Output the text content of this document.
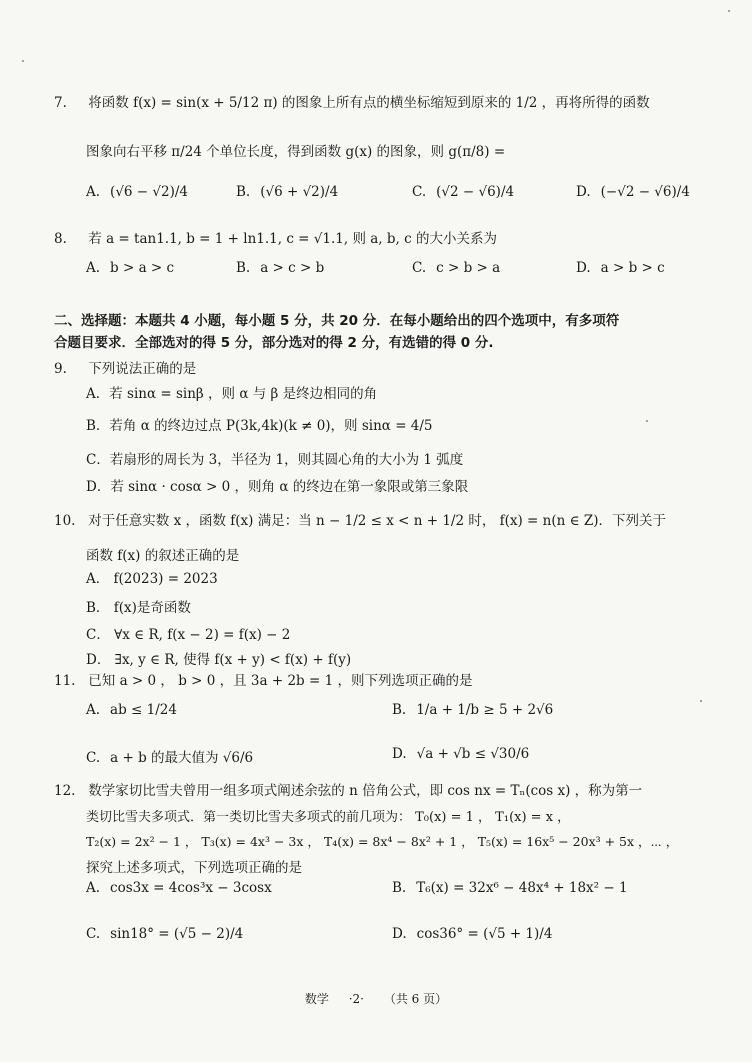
7. 将函数 f(x) = sin(x + 5/12 π) 的图象上所有点的横坐标缩短到原来的 1/2 ，再将所得的函数
图象向右平移 π/24 个单位长度，得到函数 g(x) 的图象，则 g(π/8) =
A. (√6 − √2)/4	B. (√6 + √2)/4	C. (√2 − √6)/4	D. (−√2 − √6)/4
8. 若 a = tan1.1, b = 1 + ln1.1, c = √1.1, 则 a, b, c 的大小关系为
A. b > a > c	B. a > c > b	C. c > b > a	D. a > b > c
二、选择题：本题共 4 小题，每小题 5 分，共 20 分．在每小题给出的四个选项中，有多项符
合题目要求．全部选对的得 5 分，部分选对的得 2 分，有选错的得 0 分.
9. 下列说法正确的是
A．若 sinα = sinβ ，则 α 与 β 是终边相同的角
B．若角 α 的终边过点 P(3k,4k)(k ≠ 0)，则 sinα = 4/5
C．若扇形的周长为 3，半径为 1，则其圆心角的大小为 1 弧度
D．若 sinα · cosα > 0 ，则角 α 的终边在第一象限或第三象限
10. 对于任意实数 x ，函数 f(x) 满足：当 n − 1/2 ≤ x < n + 1/2 时， f(x) = n(n ∈ Z)．下列关于
函数 f(x) 的叙述正确的是
A． f(2023) = 2023
B． f(x)是奇函数
C． ∀x ∈ R, f(x − 2) = f(x) − 2
D． ∃x, y ∈ R, 使得 f(x + y) < f(x) + f(y)
11. 已知 a > 0 ， b > 0 ，且 3a + 2b = 1 ，则下列选项正确的是
A. ab ≤ 1/24	B. 1/a + 1/b ≥ 5 + 2√6
C. a + b 的最大值为 √6/6	D. √a + √b ≤ √30/6
12. 数学家切比雪夫曾用一组多项式阐述余弦的 n 倍角公式，即 cos nx = Tₙ(cos x) ，称为第一
类切比雪夫多项式．第一类切比雪夫多项式的前几项为： T₀(x) = 1 ， T₁(x) = x ，
T₂(x) = 2x² − 1 ， T₃(x) = 4x³ − 3x ， T₄(x) = 8x⁴ − 8x² + 1 ， T₅(x) = 16x⁵ − 20x³ + 5x ，⋯ ，
探究上述多项式，下列选项正确的是
A. cos3x = 4cos³x − 3cosx	B. T₆(x) = 32x⁶ − 48x⁴ + 18x² − 1
C. sin18° = (√5 − 2)/4	D. cos36° = (√5 + 1)/4
数学 ·2· （共 6 页）
